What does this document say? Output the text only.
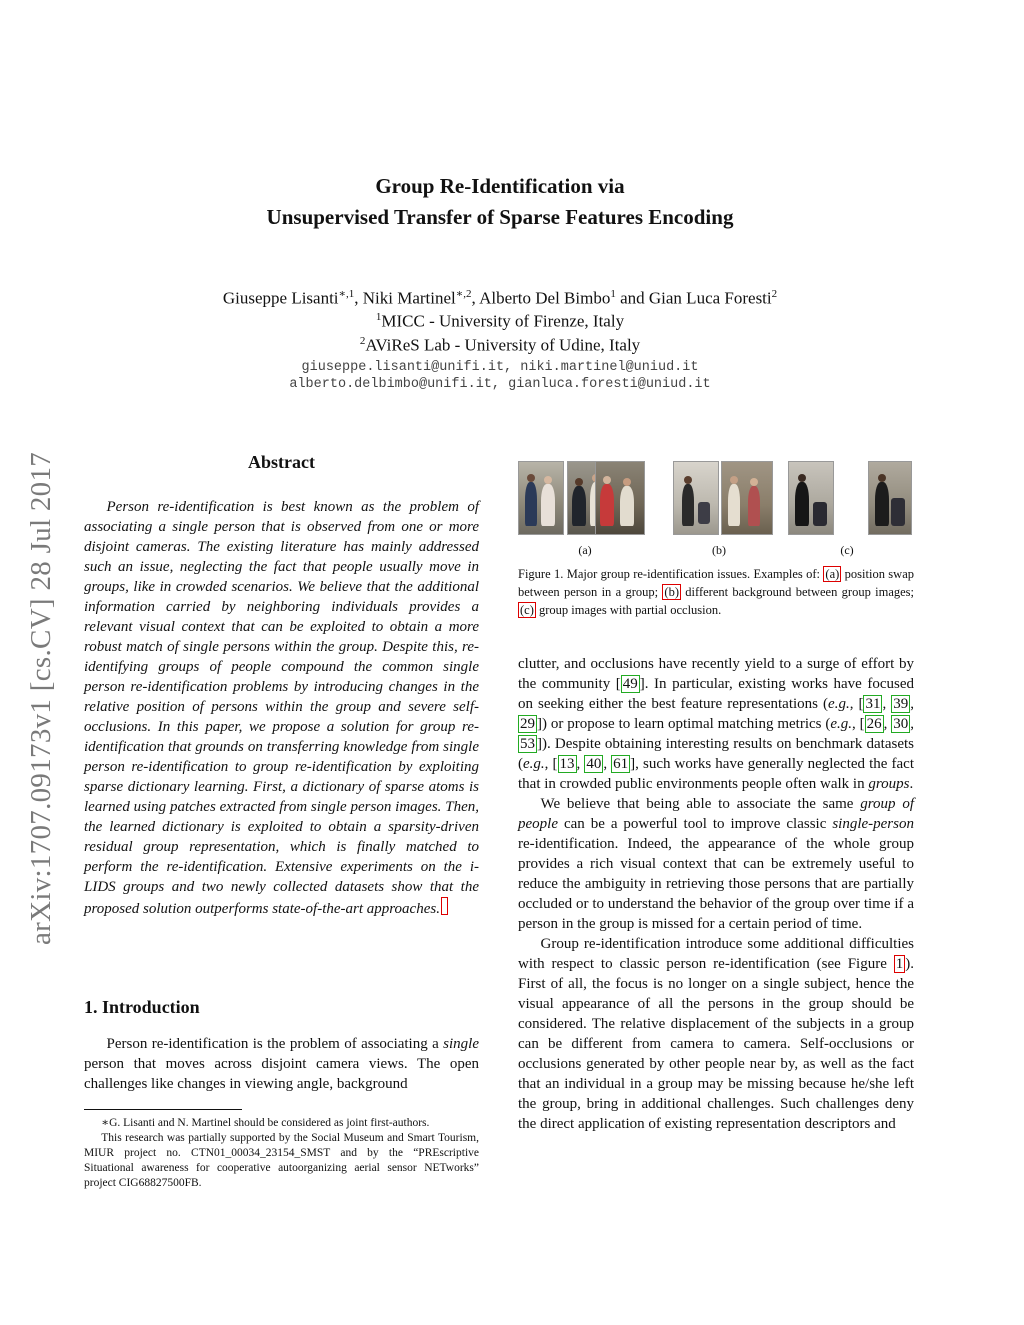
arXiv:1707.09173v1 [cs.CV] 28 Jul 2017
Group Re-Identification via
Unsupervised Transfer of Sparse Features Encoding
Giuseppe Lisanti$^{∗,1}$, Niki Martinel$^{∗,2}$, Alberto Del Bimbo$^1$ and Gian Luca Foresti$^2$
$^1$MICC - University of Firenze, Italy
$^2$AViReS Lab - University of Udine, Italy
giuseppe.lisanti@unifi.it, niki.martinel@uniud.it
alberto.delbimbo@unifi.it, gianluca.foresti@uniud.it
Abstract
Person re-identification is best known as the problem of associating a single person that is observed from one or more disjoint cameras. The existing literature has mainly addressed such an issue, neglecting the fact that people usually move in groups, like in crowded scenarios. We believe that the additional information carried by neighboring individuals provides a relevant visual context that can be exploited to obtain a more robust match of single persons within the group. Despite this, re-identifying groups of people compound the common single person re-identification problems by introducing changes in the relative position of persons within the group and severe self-occlusions. In this paper, we propose a solution for group re-identification that grounds on transferring knowledge from single person re-identification to group re-identification by exploiting sparse dictionary learning. First, a dictionary of sparse atoms is learned using patches extracted from single person images. Then, the learned dictionary is exploited to obtain a sparsity-driven residual group representation, which is finally matched to perform the re-identification. Extensive experiments on the i-LIDS groups and two newly collected datasets show that the proposed solution outperforms state-of-the-art approaches.
1. Introduction
Person re-identification is the problem of associating a single person that moves across disjoint camera views. The open challenges like changes in viewing angle, background

∗G. Lisanti and N. Martinel should be considered as joint first-authors.

This research was partially supported by the Social Museum and Smart Tourism, MIUR project no. CTN01_00034_23154_SMST and by the “PREscriptive Situational awareness for cooperative autoorganizing aerial sensor NETworks” project CIG68827500FB.

(a)	(b)	(c)
Figure 1. Major group re-identification issues. Examples of: (a) position swap between person in a group; (b) different background between group images; (c) group images with partial occlusion.

clutter, and occlusions have recently yield to a surge of effort by the community [ 49 ]. In particular, existing works have focused on seeking either the best feature representations (e.g., [ 31 , 39 , 29 ]) or propose to learn optimal matching metrics (e.g., [ 26 , 30 , 53 ]). Despite obtaining interesting results on benchmark datasets (e.g., [ 13 , 40 , 61 ], such works have generally neglected the fact that in crowded public environments people often walk in groups.

We believe that being able to associate the same group of people can be a powerful tool to improve classic single-person re-identification. Indeed, the appearance of the whole group provides a rich visual context that can be extremely useful to reduce the ambiguity in retrieving those persons that are partially occluded or to understand the behavior of the group over time if a person in the group is missed for a certain period of time.

Group re-identification introduce some additional difficulties with respect to classic person re-identification (see Figure 1 ). First of all, the focus is no longer on a single subject, hence the visual appearance of all the persons in the group should be considered. The relative displacement of the subjects in a group can be different from camera to camera. Self-occlusions or occlusions generated by other people near by, as well as the fact that an individual in a group may be missing because he/she left the group, bring in additional challenges. Such challenges deny the direct application of existing representation descriptors and
